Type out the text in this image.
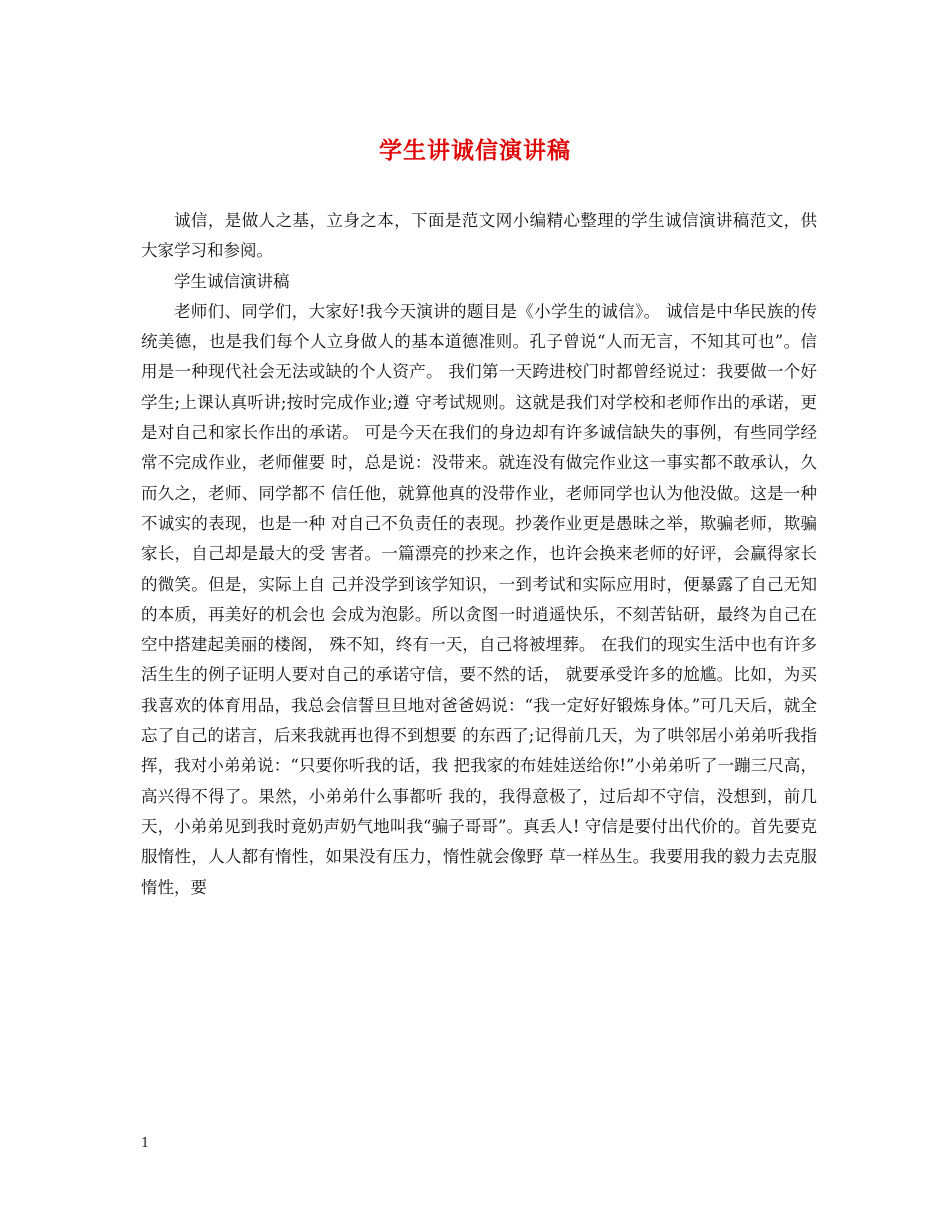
学生讲诚信演讲稿

诚信，是做人之基，立身之本，下面是范文网小编精心整理的学生诚信演讲稿范文，供大家学习和参阅。

学生诚信演讲稿

老师们、同学们，大家好!我今天演讲的题目是《小学生的诚信》。 诚信是中华民族的传统美德，也是我们每个人立身做人的基本道德准则。孔子曾说“人而无言，不知其可也”。信用是一种现代社会无法或缺的个人资产。 我们第一天跨进校门时都曾经说过：我要做一个好学生;上课认真听讲;按时完成作业;遵 守考试规则。这就是我们对学校和老师作出的承诺，更是对自己和家长作出的承诺。 可是今天在我们的身边却有许多诚信缺失的事例，有些同学经常不完成作业，老师催要 时，总是说：没带来。就连没有做完作业这一事实都不敢承认，久而久之，老师、同学都不 信任他，就算他真的没带作业，老师同学也认为他没做。这是一种不诚实的表现，也是一种 对自己不负责任的表现。抄袭作业更是愚昧之举，欺骗老师，欺骗家长，自己却是最大的受 害者。一篇漂亮的抄来之作，也许会换来老师的好评，会赢得家长的微笑。但是，实际上自 己并没学到该学知识，一到考试和实际应用时，便暴露了自己无知的本质，再美好的机会也 会成为泡影。所以贪图一时逍遥快乐，不刻苦钻研，最终为自己在空中搭建起美丽的楼阁， 殊不知，终有一天，自己将被埋葬。 在我们的现实生活中也有许多活生生的例子证明人要对自己的承诺守信，要不然的话， 就要承受许多的尬尴。比如，为买我喜欢的体育用品，我总会信誓旦旦地对爸爸妈说：“我一定好好锻炼身体。”可几天后，就全忘了自己的诺言，后来我就再也得不到想要 的东西了;记得前几天，为了哄邻居小弟弟听我指挥，我对小弟弟说：“只要你听我的话，我 把我家的布娃娃送给你!”小弟弟听了一蹦三尺高，高兴得不得了。果然，小弟弟什么事都听 我的，我得意极了，过后却不守信，没想到，前几天，小弟弟见到我时竟奶声奶气地叫我“骗子哥哥”。真丢人! 守信是要付出代价的。首先要克服惰性，人人都有惰性，如果没有压力，惰性就会像野 草一样丛生。我要用我的毅力去克服惰性，要

1
